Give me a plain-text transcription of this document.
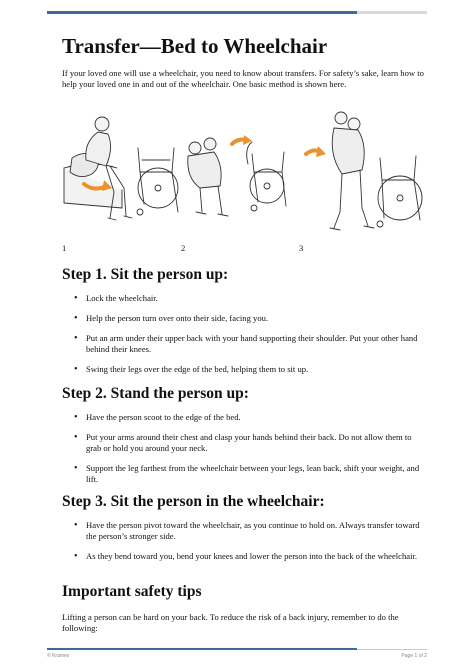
Transfer—Bed to Wheelchair

If your loved one will use a wheelchair, you need to know about transfers. For safety’s sake, learn how to help your loved one in and out of the wheelchair. One basic method is shown here.

1	2	3
Step 1. Sit the person up:
• Lock the wheelchair.
• Help the person turn over onto their side, facing you.
• Put an arm under their upper back with your hand supporting their shoulder. Put your other hand behind their knees.
• Swing their legs over the edge of the bed, helping them to sit up.
Step 2. Stand the person up:
• Have the person scoot to the edge of the bed.
• Put your arms around their chest and clasp your hands behind their back. Do not allow them to grab or hold you around your neck.
• Support the leg farthest from the wheelchair between your legs, lean back, shift your weight, and lift.
Step 3. Sit the person in the wheelchair:
• Have the person pivot toward the wheelchair, as you continue to hold on. Always transfer toward the person’s stronger side.
• As they bend toward you, bend your knees and lower the person into the back of the wheelchair.
Important safety tips

Lifting a person can be hard on your back. To reduce the risk of a back injury, remember to do the following:

© Krames	Page 1 of 2
